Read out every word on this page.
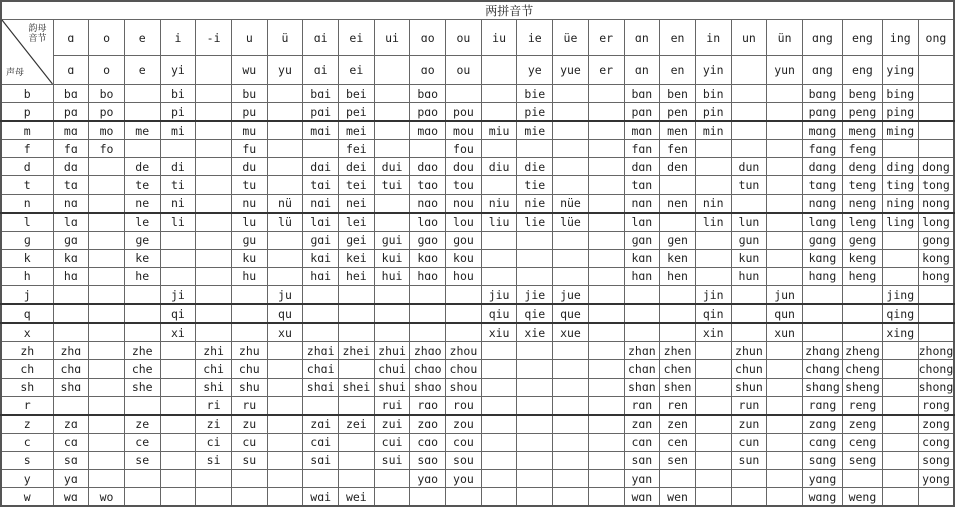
两拼音节																									

韵母
音节
声母	ɑ	o	e	i	-i	u	ü	ɑi	ei	ui	ɑo	ou	iu	ie	üe	er	ɑn	en	in	un	ün	ɑng	eng	ing	ong
	ɑ	o	e	yi		wu	yu	ɑi	ei		ɑo	ou		ye	yue	er	ɑn	en	yin		yun	ɑng	eng	ying	
b	bɑ	bo		bi		bu		bɑi	bei		bɑo			bie			bɑn	ben	bin			bɑng	beng	bing	
p	pɑ	po		pi		pu		pɑi	pei		pɑo	pou		pie			pɑn	pen	pin			pɑng	peng	ping	
m	mɑ	mo	me	mi		mu		mɑi	mei		mɑo	mou	miu	mie			mɑn	men	min			mɑng	meng	ming	
f	fɑ	fo				fu			fei			fou					fɑn	fen				fɑng	feng		
d	dɑ		de	di		du		dɑi	dei	dui	dɑo	dou	diu	die			dɑn	den		dun		dɑng	deng	ding	dong
t	tɑ		te	ti		tu		tɑi	tei	tui	tɑo	tou		tie			tɑn			tun		tɑng	teng	ting	tong
n	nɑ		ne	ni		nu	nü	nɑi	nei		nɑo	nou	niu	nie	nüe		nɑn	nen	nin			nɑng	neng	ning	nong
l	lɑ		le	li		lu	lü	lɑi	lei		lɑo	lou	liu	lie	lüe		lɑn		lin	lun		lɑng	leng	ling	long
ɡ	ɡɑ		ɡe			ɡu		ɡɑi	ɡei	ɡui	ɡɑo	ɡou					ɡɑn	ɡen		ɡun		ɡɑng	ɡeng		ɡong
k	kɑ		ke			ku		kɑi	kei	kui	kɑo	kou					kɑn	ken		kun		kɑng	keng		kong
h	hɑ		he			hu		hɑi	hei	hui	hɑo	hou					hɑn	hen		hun		hɑng	heng		hong
j				ji			ju						jiu	jie	jue				jin		jun			jing	
q				qi			qu						qiu	qie	que				qin		qun			qing	
x				xi			xu						xiu	xie	xue				xin		xun			xing	
zh	zhɑ		zhe		zhi	zhu		zhɑi	zhei	zhui	zhɑo	zhou					zhɑn	zhen		zhun		zhɑng	zheng		zhong
ch	chɑ		che		chi	chu		chɑi		chui	chɑo	chou					chɑn	chen		chun		chɑng	cheng		chong
sh	shɑ		she		shi	shu		shɑi	shei	shui	shɑo	shou					shɑn	shen		shun		shɑng	sheng		shong
r					ri	ru				rui	rɑo	rou					rɑn	ren		run		rɑng	reng		rong
z	zɑ		ze		zi	zu		zɑi	zei	zui	zɑo	zou					zɑn	zen		zun		zɑng	zeng		zong
c	cɑ		ce		ci	cu		cɑi		cui	cɑo	cou					cɑn	cen		cun		cɑng	ceng		cong
s	sɑ		se		si	su		sɑi		sui	sɑo	sou					sɑn	sen		sun		sɑng	seng		song
y	yɑ										yɑo	you					yɑn					yɑng			yong
w	wɑ	wo						wɑi	wei								wɑn	wen				wɑng	weng		
